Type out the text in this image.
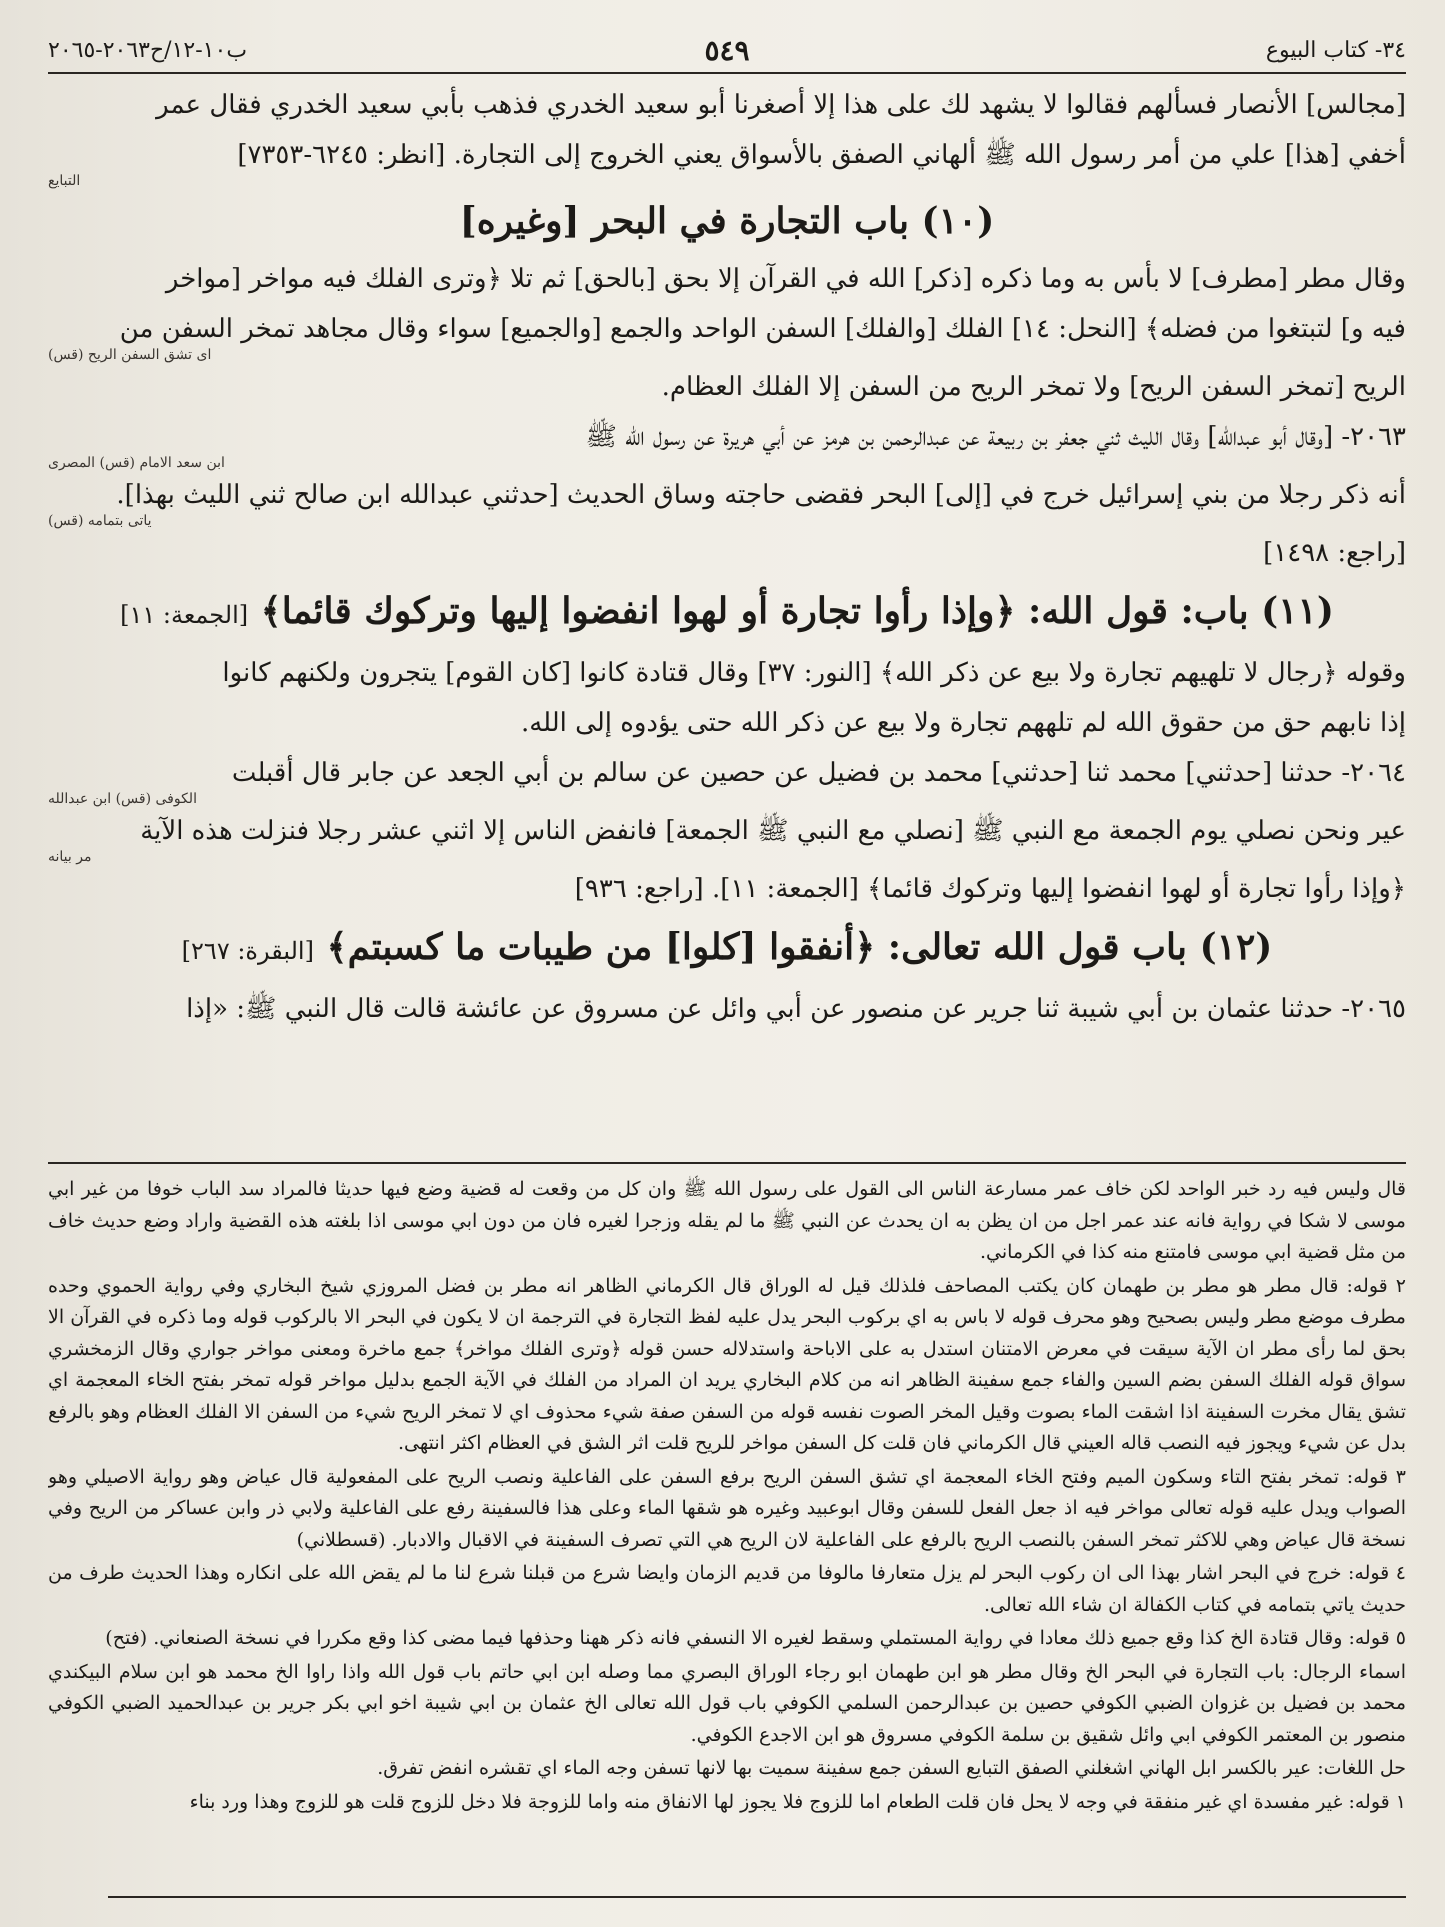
٣٤- كتاب البيوع
٥٤٩
ب١٠-١٢/ح٢٠٦٣-٢٠٦٥

[مجالس] الأنصار فسألهم فقالوا لا يشهد لك على هذا إلا أصغرنا أبو سعيد الخدري فذهب بأبي سعيد الخدري فقال عمر

أخفي [هذا] علي من أمر رسول الله ﷺ ألهاني الصفق بالأسواق يعني الخروج إلى التجارة. [انظر: ٦٢٤٥-٧٣٥٣]

التبايع
(١٠) باب التجارة في البحر [وغيره]

وقال مطر [مطرف] لا بأس به وما ذكره [ذكر] الله في القرآن إلا بحق [بالحق] ثم تلا ﴿وترى الفلك فيه مواخر [مواخر

فيه و] لتبتغوا من فضله﴾ [النحل: ١٤] الفلك [والفلك] السفن الواحد والجمع [والجميع] سواء وقال مجاهد تمخر السفن من

اى تشق السفن الريح (قس)

الريح [تمخر السفن الريح] ولا تمخر الريح من السفن إلا الفلك العظام.

٢٠٦٣- [وقال أبو عبدالله] وقال الليث ثني جعفر بن ربيعة عن عبدالرحمن بن هرمز عن أبي هريرة عن رسول الله ﷺ

ابن سعد الامام (قس) المصرى

أنه ذكر رجلا من بني إسرائيل خرج في [إلى] البحر فقضى حاجته وساق الحديث [حدثني عبدالله ابن صالح ثني الليث بهذا].

ياتى بتمامه (قس)

[راجع: ١٤٩٨]

(١١) باب: قول الله: ﴿وإذا رأوا تجارة أو لهوا انفضوا إليها وتركوك قائما﴾ [الجمعة: ١١]

وقوله ﴿رجال لا تلهيهم تجارة ولا بيع عن ذكر الله﴾ [النور: ٣٧] وقال قتادة كانوا [كان القوم] يتجرون ولكنهم كانوا

إذا نابهم حق من حقوق الله لم تلههم تجارة ولا بيع عن ذكر الله حتى يؤدوه إلى الله.

٢٠٦٤- حدثنا [حدثني] محمد ثنا [حدثني] محمد بن فضيل عن حصين عن سالم بن أبي الجعد عن جابر قال أقبلت

الكوفى (قس) ابن عبدالله

عير ونحن نصلي يوم الجمعة مع النبي ﷺ [نصلي مع النبي ﷺ الجمعة] فانفض الناس إلا اثني عشر رجلا فنزلت هذه الآية

مر بيانه

﴿وإذا رأوا تجارة أو لهوا انفضوا إليها وتركوك قائما﴾ [الجمعة: ١١]. [راجع: ٩٣٦]

(١٢) باب قول الله تعالى: ﴿أنفقوا [كلوا] من طيبات ما كسبتم﴾ [البقرة: ٢٦٧]

٢٠٦٥- حدثنا عثمان بن أبي شيبة ثنا جرير عن منصور عن أبي وائل عن مسروق عن عائشة قالت قال النبي ﷺ: «إذا

قال وليس فيه رد خبر الواحد لكن خاف عمر مسارعة الناس الى القول على رسول الله ﷺ وان كل من وقعت له قضية وضع فيها حديثا فالمراد سد الباب خوفا من غير ابي موسى لا شكا في رواية فانه عند عمر اجل من ان يظن به ان يحدث عن النبي ﷺ ما لم يقله وزجرا لغيره فان من دون ابي موسى اذا بلغته هذه القضية واراد وضع حديث خاف من مثل قضية ابي موسى فامتنع منه كذا في الكرماني.

٢ قوله: قال مطر هو مطر بن طهمان كان يكتب المصاحف فلذلك قيل له الوراق قال الكرماني الظاهر انه مطر بن فضل المروزي شيخ البخاري وفي رواية الحموي وحده مطرف موضع مطر وليس بصحيح وهو محرف قوله لا باس به اي بركوب البحر يدل عليه لفظ التجارة في الترجمة ان لا يكون في البحر الا بالركوب قوله وما ذكره في القرآن الا بحق لما رأى مطر ان الآية سيقت في معرض الامتنان استدل به على الاباحة واستدلاله حسن قوله ﴿وترى الفلك مواخر﴾ جمع ماخرة ومعنى مواخر جواري وقال الزمخشري سواق قوله الفلك السفن بضم السين والفاء جمع سفينة الظاهر انه من كلام البخاري يريد ان المراد من الفلك في الآية الجمع بدليل مواخر قوله تمخر بفتح الخاء المعجمة اي تشق يقال مخرت السفينة اذا اشقت الماء بصوت وقيل المخر الصوت نفسه قوله من السفن صفة شيء محذوف اي لا تمخر الريح شيء من السفن الا الفلك العظام وهو بالرفع بدل عن شيء ويجوز فيه النصب قاله العيني قال الكرماني فان قلت كل السفن مواخر للريح قلت اثر الشق في العظام اكثر انتهى.

٣ قوله: تمخر بفتح التاء وسكون الميم وفتح الخاء المعجمة اي تشق السفن الريح برفع السفن على الفاعلية ونصب الريح على المفعولية قال عياض وهو رواية الاصيلي وهو الصواب ويدل عليه قوله تعالى مواخر فيه اذ جعل الفعل للسفن وقال ابوعبيد وغيره هو شقها الماء وعلى هذا فالسفينة رفع على الفاعلية ولابي ذر وابن عساكر من الريح وفي نسخة قال عياض وهي للاكثر تمخر السفن بالنصب الريح بالرفع على الفاعلية لان الريح هي التي تصرف السفينة في الاقبال والادبار. (قسطلاني)

٤ قوله: خرج في البحر اشار بهذا الى ان ركوب البحر لم يزل متعارفا مالوفا من قديم الزمان وايضا شرع من قبلنا شرع لنا ما لم يقض الله على انكاره وهذا الحديث طرف من حديث ياتي بتمامه في كتاب الكفالة ان شاء الله تعالى.

٥ قوله: وقال قتادة الخ كذا وقع جميع ذلك معادا في رواية المستملي وسقط لغيره الا النسفي فانه ذكر ههنا وحذفها فيما مضى كذا وقع مكررا في نسخة الصنعاني. (فتح)

اسماء الرجال: باب التجارة في البحر الخ وقال مطر هو ابن طهمان ابو رجاء الوراق البصري مما وصله ابن ابي حاتم باب قول الله واذا راوا الخ محمد هو ابن سلام البيكندي محمد بن فضيل بن غزوان الضبي الكوفي حصين بن عبدالرحمن السلمي الكوفي باب قول الله تعالى الخ عثمان بن ابي شيبة اخو ابي بكر جرير بن عبدالحميد الضبي الكوفي منصور بن المعتمر الكوفي ابي وائل شقيق بن سلمة الكوفي مسروق هو ابن الاجدع الكوفي.

حل اللغات: عير بالكسر ابل الهاني اشغلني الصفق التبايع السفن جمع سفينة سميت بها لانها تسفن وجه الماء اي تقشره انفض تفرق.

١ قوله: غير مفسدة اي غير منفقة في وجه لا يحل فان قلت الطعام اما للزوج فلا يجوز لها الانفاق منه واما للزوجة فلا دخل للزوج قلت هو للزوج وهذا ورد بناء
